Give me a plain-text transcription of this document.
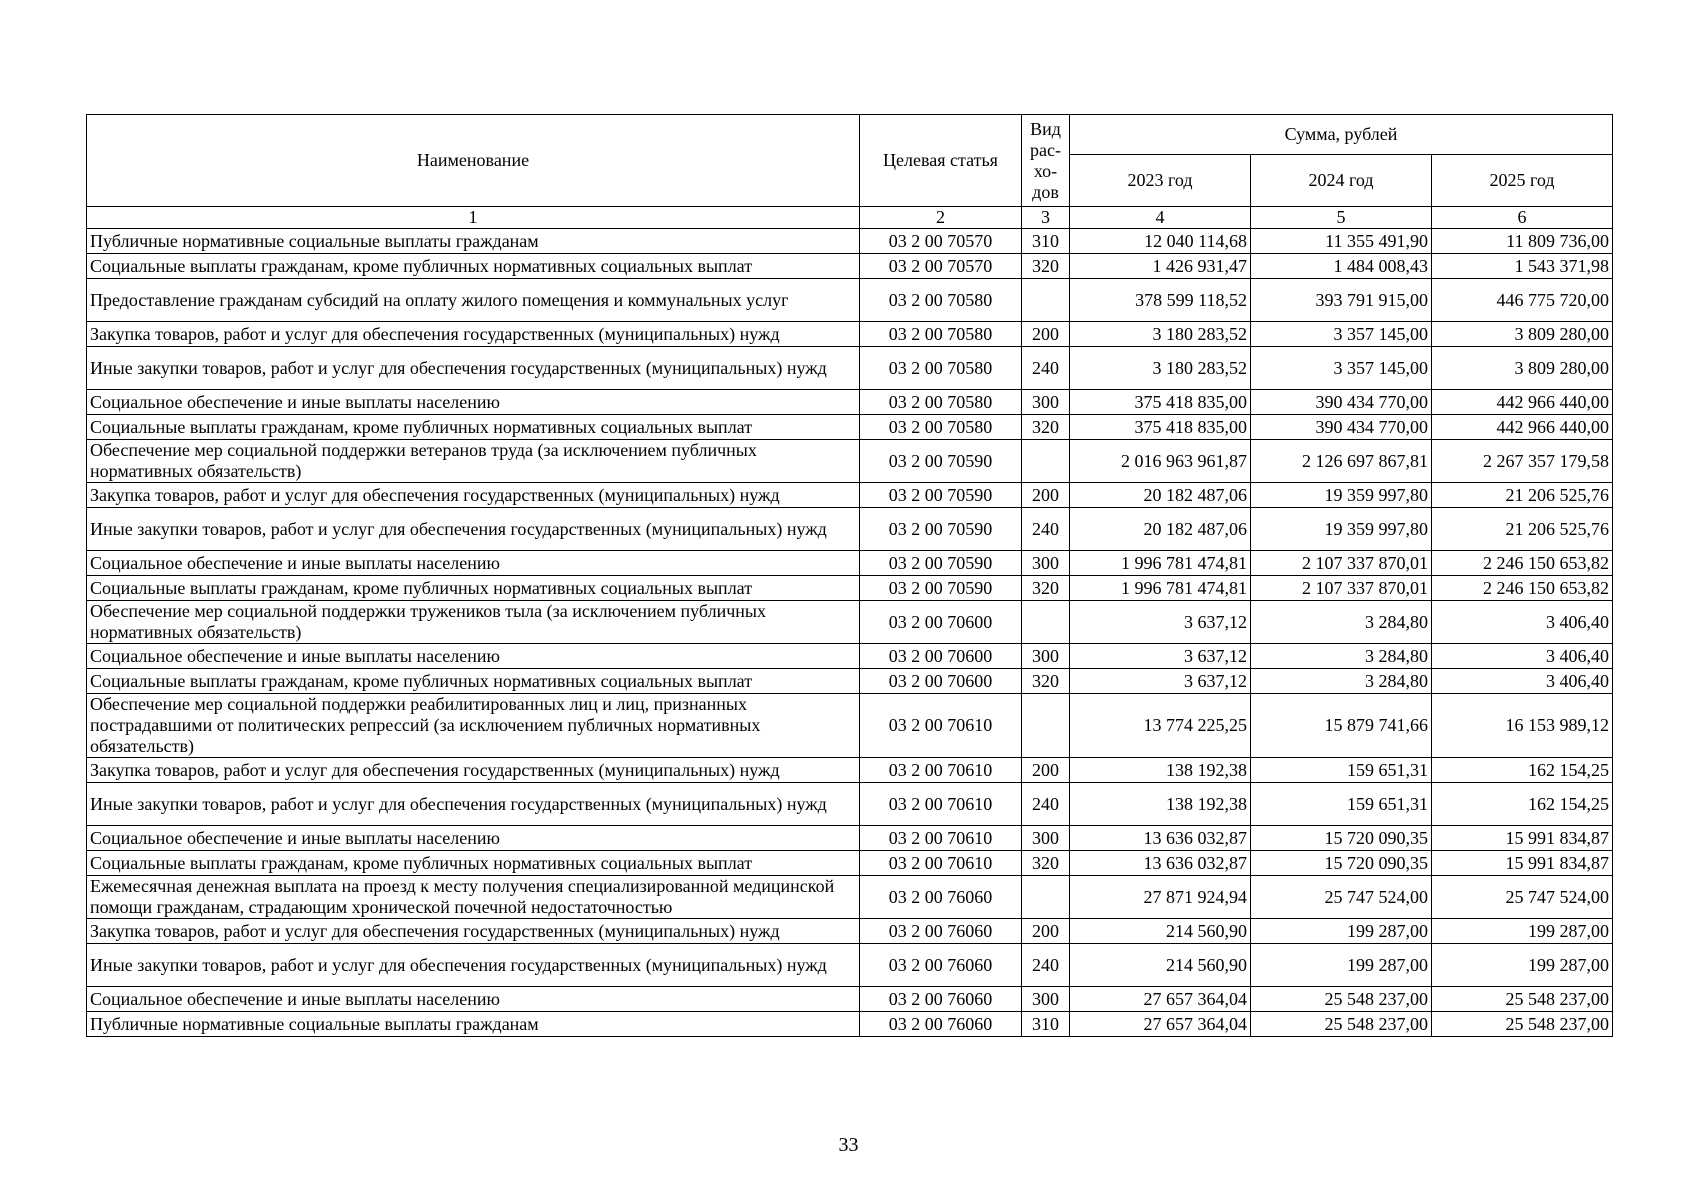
Наименование	Целевая статья	Вид рас- хо- дов	Сумма, рублей		
			2023 год	2024 год	2025 год
1	2	3	4	5	6
Публичные нормативные социальные выплаты гражданам	03 2 00 70570	310	12 040 114,68	11 355 491,90	11 809 736,00
Социальные выплаты гражданам, кроме публичных нормативных социальных выплат	03 2 00 70570	320	1 426 931,47	1 484 008,43	1 543 371,98
Предоставление гражданам субсидий на оплату жилого помещения и коммунальных услуг	03 2 00 70580		378 599 118,52	393 791 915,00	446 775 720,00
Закупка товаров, работ и услуг для обеспечения государственных (муниципальных) нужд	03 2 00 70580	200	3 180 283,52	3 357 145,00	3 809 280,00
Иные закупки товаров, работ и услуг для обеспечения государственных (муниципальных) нужд	03 2 00 70580	240	3 180 283,52	3 357 145,00	3 809 280,00
Социальное обеспечение и иные выплаты населению	03 2 00 70580	300	375 418 835,00	390 434 770,00	442 966 440,00
Социальные выплаты гражданам, кроме публичных нормативных социальных выплат	03 2 00 70580	320	375 418 835,00	390 434 770,00	442 966 440,00
Обеспечение мер социальной поддержки ветеранов труда (за исключением публичных нормативных обязательств)	03 2 00 70590		2 016 963 961,87	2 126 697 867,81	2 267 357 179,58
Закупка товаров, работ и услуг для обеспечения государственных (муниципальных) нужд	03 2 00 70590	200	20 182 487,06	19 359 997,80	21 206 525,76
Иные закупки товаров, работ и услуг для обеспечения государственных (муниципальных) нужд	03 2 00 70590	240	20 182 487,06	19 359 997,80	21 206 525,76
Социальное обеспечение и иные выплаты населению	03 2 00 70590	300	1 996 781 474,81	2 107 337 870,01	2 246 150 653,82
Социальные выплаты гражданам, кроме публичных нормативных социальных выплат	03 2 00 70590	320	1 996 781 474,81	2 107 337 870,01	2 246 150 653,82
Обеспечение мер социальной поддержки тружеников тыла (за исключением публичных нормативных обязательств)	03 2 00 70600		3 637,12	3 284,80	3 406,40
Социальное обеспечение и иные выплаты населению	03 2 00 70600	300	3 637,12	3 284,80	3 406,40
Социальные выплаты гражданам, кроме публичных нормативных социальных выплат	03 2 00 70600	320	3 637,12	3 284,80	3 406,40
Обеспечение мер социальной поддержки реабилитированных лиц и лиц, признанных пострадавшими от политических репрессий (за исключением публичных нормативных обязательств)	03 2 00 70610		13 774 225,25	15 879 741,66	16 153 989,12
Закупка товаров, работ и услуг для обеспечения государственных (муниципальных) нужд	03 2 00 70610	200	138 192,38	159 651,31	162 154,25
Иные закупки товаров, работ и услуг для обеспечения государственных (муниципальных) нужд	03 2 00 70610	240	138 192,38	159 651,31	162 154,25
Социальное обеспечение и иные выплаты населению	03 2 00 70610	300	13 636 032,87	15 720 090,35	15 991 834,87
Социальные выплаты гражданам, кроме публичных нормативных социальных выплат	03 2 00 70610	320	13 636 032,87	15 720 090,35	15 991 834,87
Ежемесячная денежная выплата на проезд к месту получения специализированной медицинской помощи гражданам, страдающим хронической почечной недостаточностью	03 2 00 76060		27 871 924,94	25 747 524,00	25 747 524,00
Закупка товаров, работ и услуг для обеспечения государственных (муниципальных) нужд	03 2 00 76060	200	214 560,90	199 287,00	199 287,00
Иные закупки товаров, работ и услуг для обеспечения государственных (муниципальных) нужд	03 2 00 76060	240	214 560,90	199 287,00	199 287,00
Социальное обеспечение и иные выплаты населению	03 2 00 76060	300	27 657 364,04	25 548 237,00	25 548 237,00
Публичные нормативные социальные выплаты гражданам	03 2 00 76060	310	27 657 364,04	25 548 237,00	25 548 237,00
33
